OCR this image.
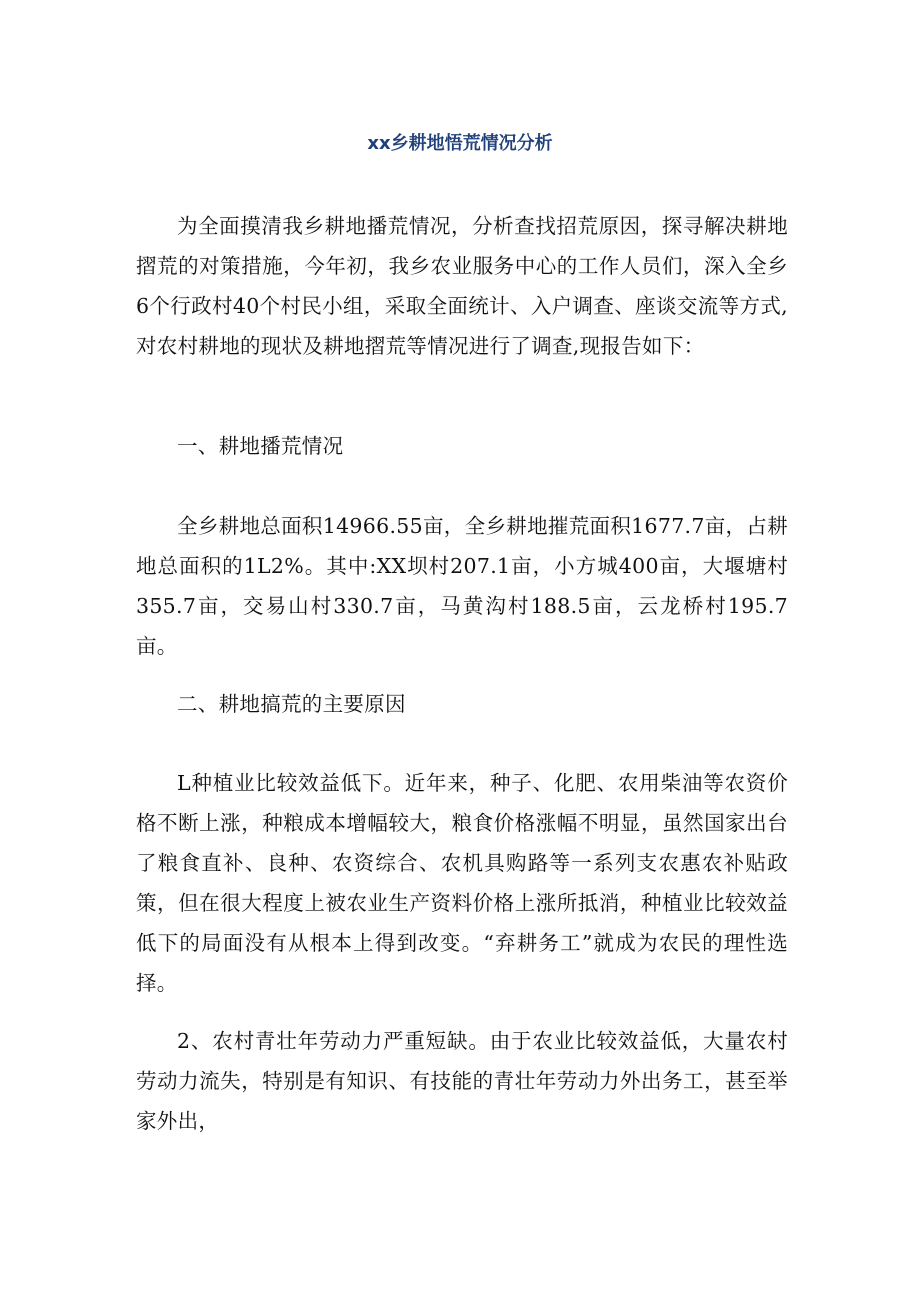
xx乡耕地悟荒情况分析

为全面摸清我乡耕地播荒情况，分析查找招荒原因，探寻解决耕地摺荒的对策措施，今年初，我乡农业服务中心的工作人员们，深入全乡6个行政村40个村民小组，采取全面统计、入户调查、座谈交流等方式,对农村耕地的现状及耕地摺荒等情况进行了调查,现报告如下：

一、耕地播荒情况

全乡耕地总面积14966.55亩，全乡耕地摧荒面积1677.7亩，占耕地总面积的1L2%。其中:XX坝村207.1亩，小方城400亩，大堰塘村355.7亩，交易山村330.7亩，马黄沟村188.5亩，云龙桥村195.7亩。

二、耕地搞荒的主要原因

L种植业比较效益低下。近年来，种子、化肥、农用柴油等农资价格不断上涨，种粮成本增幅较大，粮食价格涨幅不明显，虽然国家出台了粮食直补、良种、农资综合、农机具购路等一系列支农惠农补贴政策，但在很大程度上被农业生产资料价格上涨所抵消，种植业比较效益低下的局面没有从根本上得到改变。“弃耕务工”就成为农民的理性选择。

2、农村青壮年劳动力严重短缺。由于农业比较效益低，大量农村劳动力流失，特别是有知识、有技能的青壮年劳动力外出务工，甚至举家外出，
